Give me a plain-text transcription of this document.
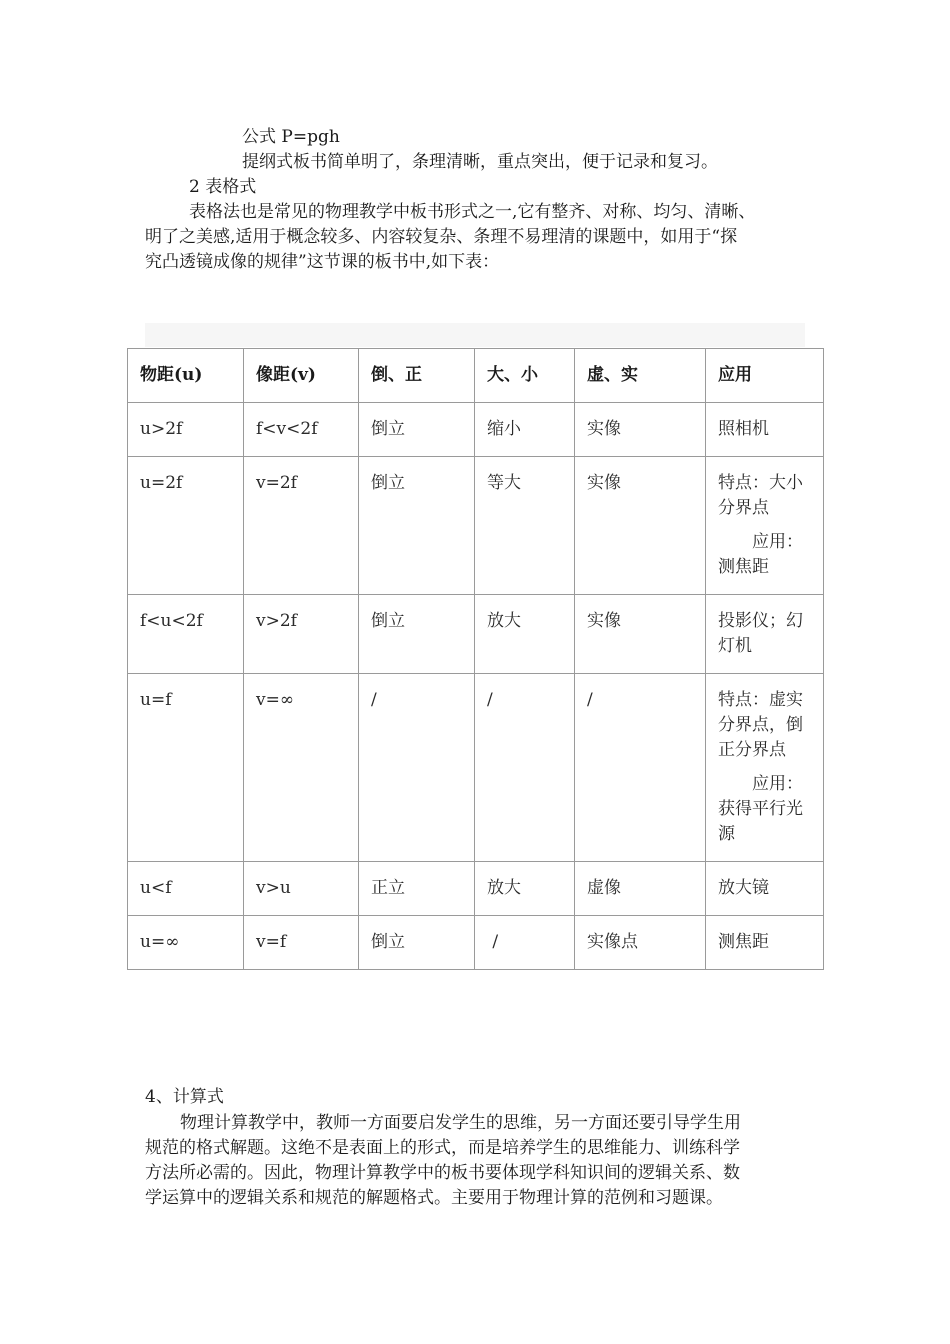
公式 P=pgh
提纲式板书简单明了，条理清晰，重点突出，便于记录和复习。
2 表格式
表格法也是常见的物理教学中板书形式之一,它有整齐、对称、均匀、清晰、
明了之美感,适用于概念较多、内容较复杂、条理不易理清的课题中，如用于“探
究凸透镜成像的规律”这节课的板书中,如下表：
物距(u)	像距(v)	倒、正	大、小	虚、实	应用
u>2f	f<v<2f	倒立	缩小	实像	照相机

u=2f	v=2f	倒立	等大	实像	特点：大小分界点
应用：测焦距

f<u<2f	v>2f	倒立	放大	实像	投影仪；幻灯机

u=f	v=∞	/	/	/	特点：虚实分界点，倒正分界点
应用：获得平行光源

u<f	v>u	正立	放大	虚像	放大镜

u=∞	v=f	倒立	/	实像点	测焦距
4、计算式
物理计算教学中，教师一方面要启发学生的思维，另一方面还要引导学生用
规范的格式解题。这绝不是表面上的形式，而是培养学生的思维能力、训练科学
方法所必需的。因此，物理计算教学中的板书要体现学科知识间的逻辑关系、数
学运算中的逻辑关系和规范的解题格式。主要用于物理计算的范例和习题课。
